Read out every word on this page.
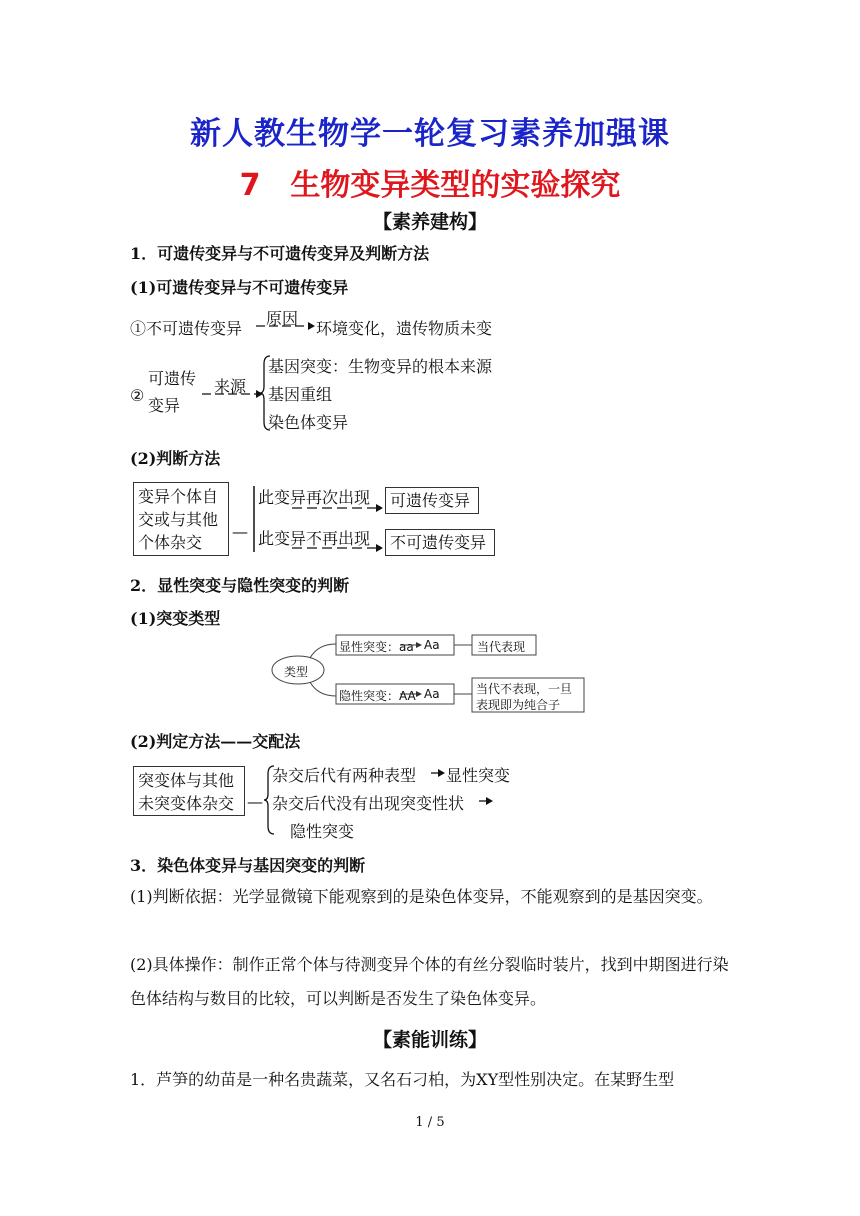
新人教生物学一轮复习素养加强课
7　生物变异类型的实验探究
【素养建构】
1．可遗传变异与不可遗传变异及判断方法
(1)可遗传变异与不可遗传变异
①不可遗传变异
原因
环境变化，遗传物质未变
②
可遗传
变异
来源
基因突变：生物变异的根本来源
基因重组
染色体变异
(2)判断方法
变异个体自
交或与其他
个体杂交
—
此变异再次出现	可遗传变异
此变异不再出现	不可遗传变异
2．显性突变与隐性突变的判断
(1)突变类型
类型
显性突变：aa Aa	当代表现
隐性突变：AA Aa	当代不表现，一旦
表现即为纯合子
(2)判定方法——交配法
突变体与其他
未突变体杂交 —
杂交后代有两种表型 显性突变
杂交后代没有出现突变性状
隐性突变
3．染色体变异与基因突变的判断
(1)判断依据：光学显微镜下能观察到的是染色体变异，不能观察到的是基因突变。
(2)具体操作：制作正常个体与待测变异个体的有丝分裂临时装片，找到中期图进行染色体结构与数目的比较，可以判断是否发生了染色体变异。
【素能训练】
1．芦笋的幼苗是一种名贵蔬菜，又名石刁柏，为XY型性别决定。在某野生型
1 / 5
